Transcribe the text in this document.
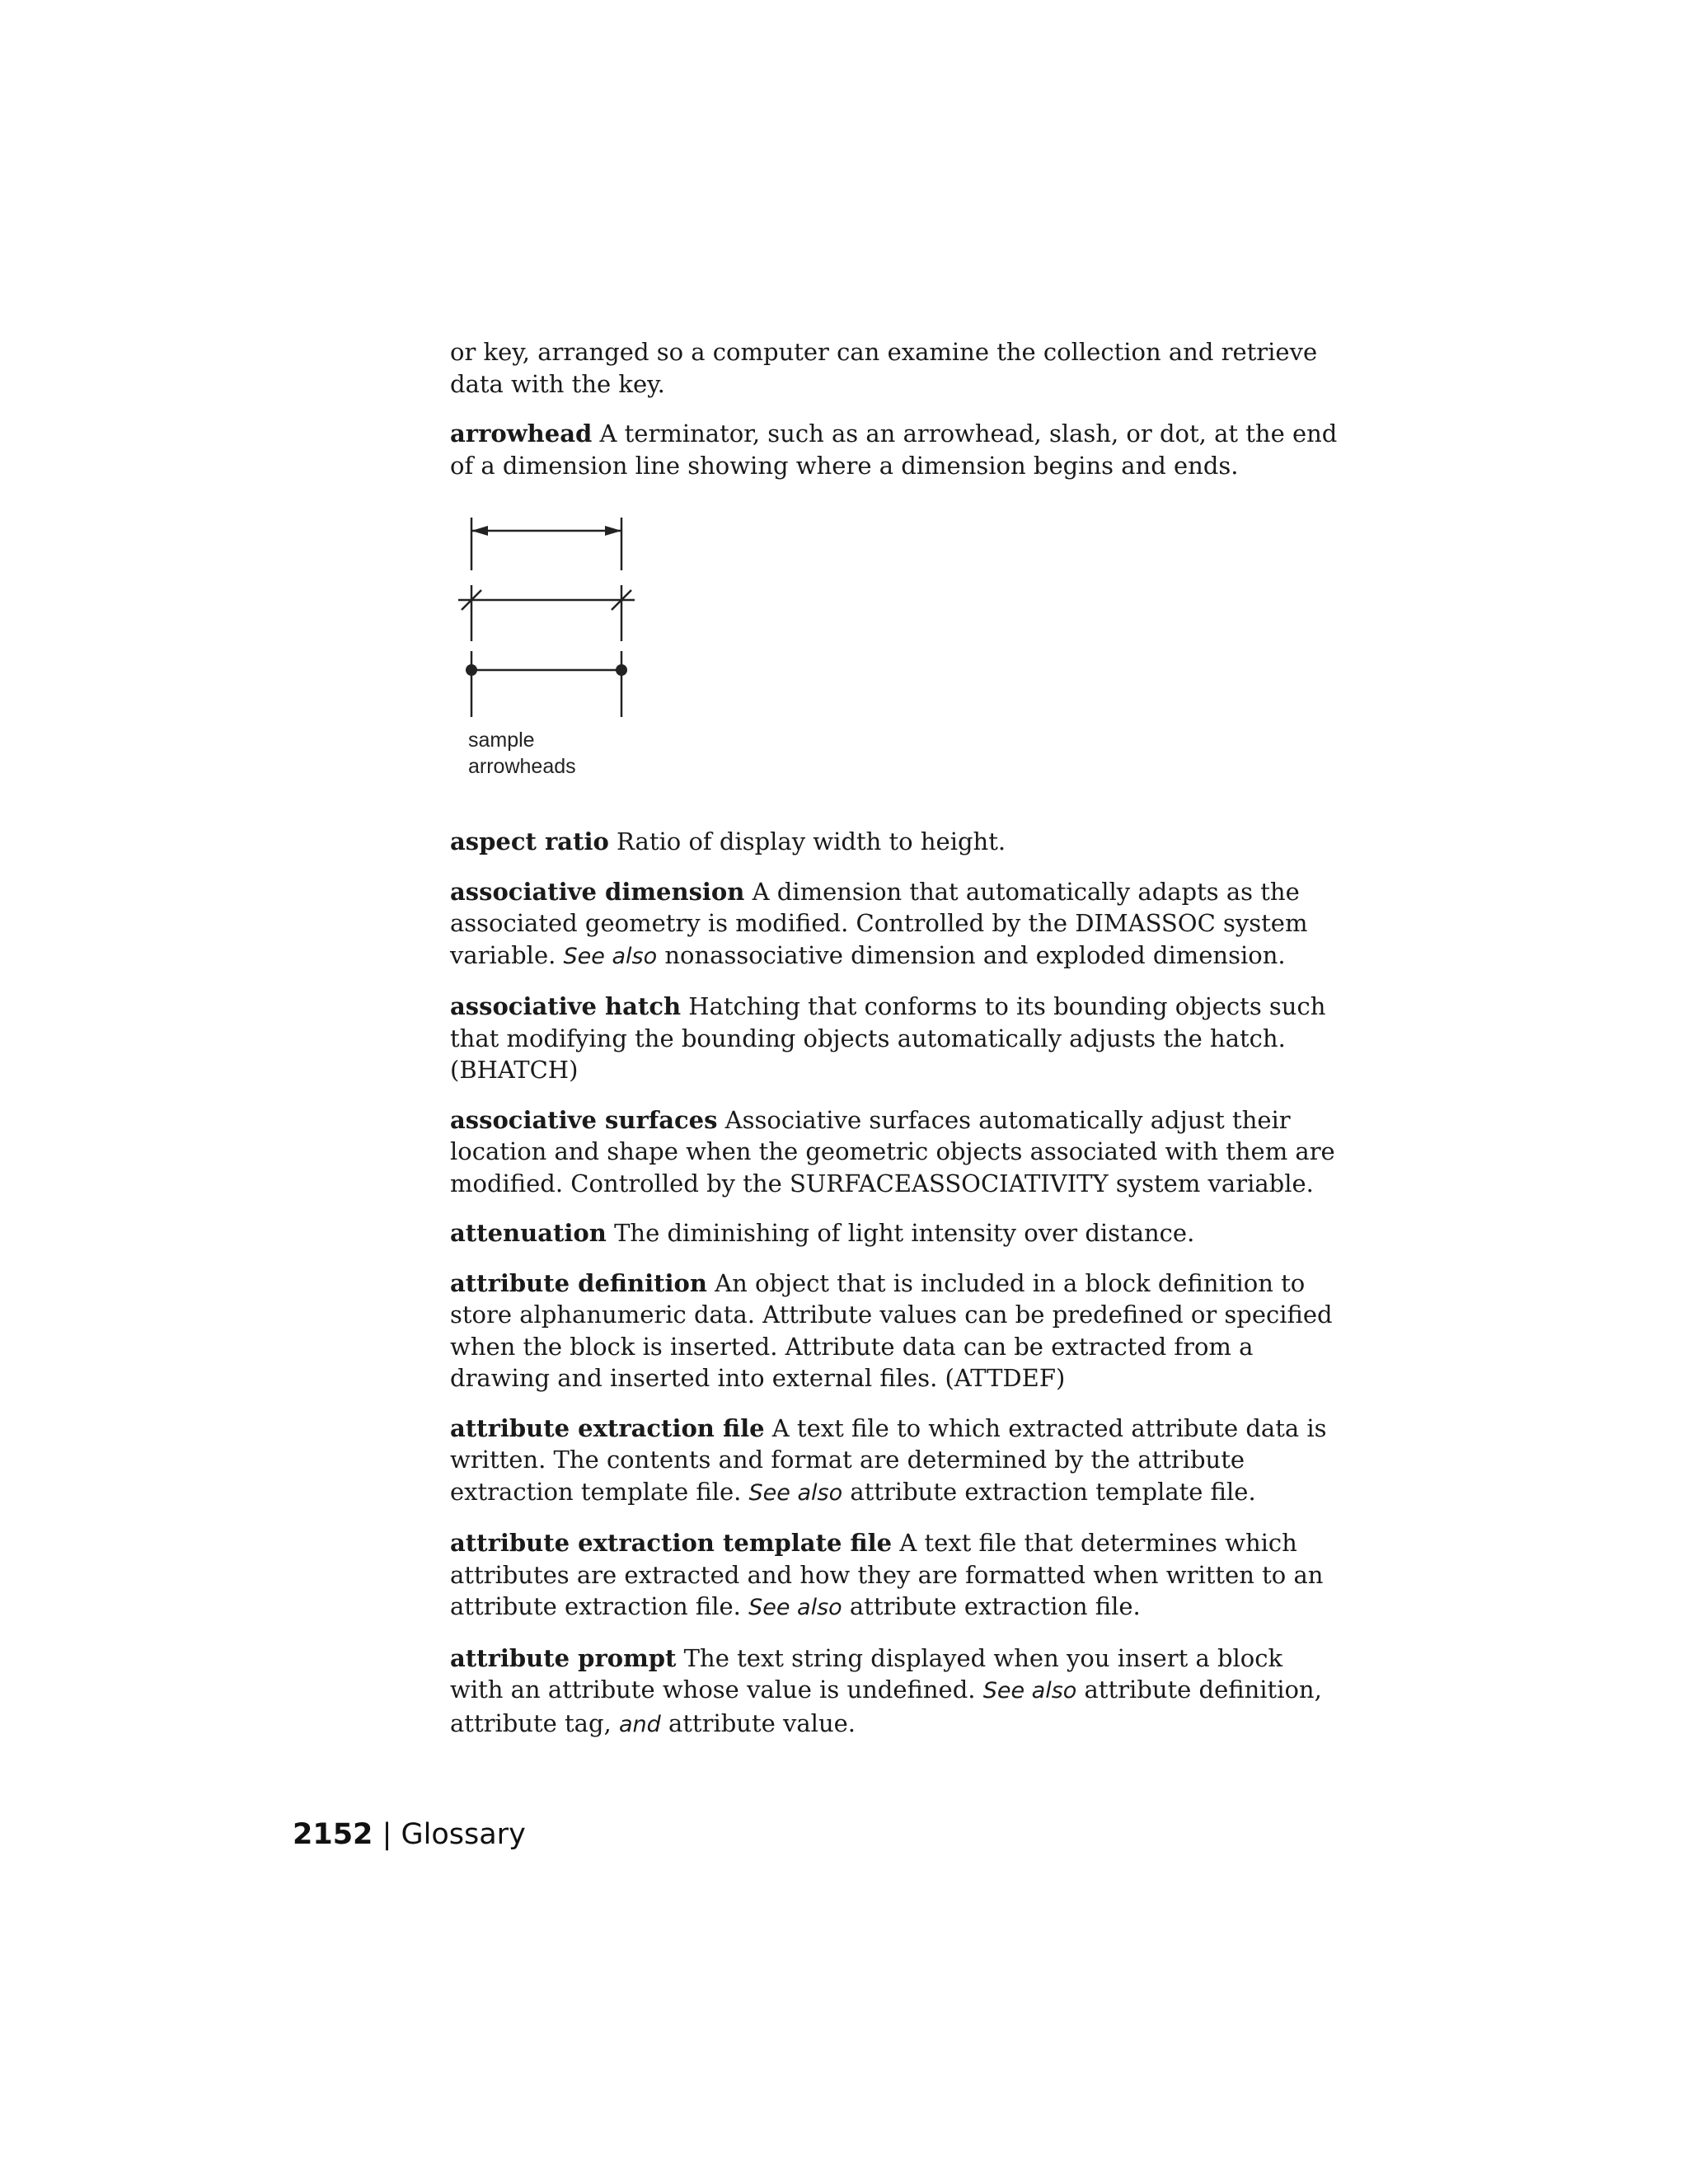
or key, arranged so a computer can examine the collection and retrieve data with the key.

arrowhead A terminator, such as an arrowhead, slash, or dot, at the end of a dimension line showing where a dimension begins and ends.

aspect ratio Ratio of display width to height.

associative dimension A dimension that automatically adapts as the associated geometry is modified. Controlled by the DIMASSOC system variable. See also nonassociative dimension and exploded dimension.

associative hatch Hatching that conforms to its bounding objects such that modifying the bounding objects automatically adjusts the hatch. (BHATCH)

associative surfaces Associative surfaces automatically adjust their location and shape when the geometric objects associated with them are modified. Controlled by the SURFACEASSOCIATIVITY system variable.

attenuation The diminishing of light intensity over distance.

attribute definition An object that is included in a block definition to store alphanumeric data. Attribute values can be predefined or specified when the block is inserted. Attribute data can be extracted from a drawing and inserted into external files. (ATTDEF)

attribute extraction file A text file to which extracted attribute data is written. The contents and format are determined by the attribute extraction template file. See also attribute extraction template file.

attribute extraction template file A text file that determines which attributes are extracted and how they are formatted when written to an attribute extraction file. See also attribute extraction file.

attribute prompt The text string displayed when you insert a block with an attribute whose value is undefined. See also attribute definition, attribute tag, and attribute value.

sample
arrowheads
2152 | Glossary
